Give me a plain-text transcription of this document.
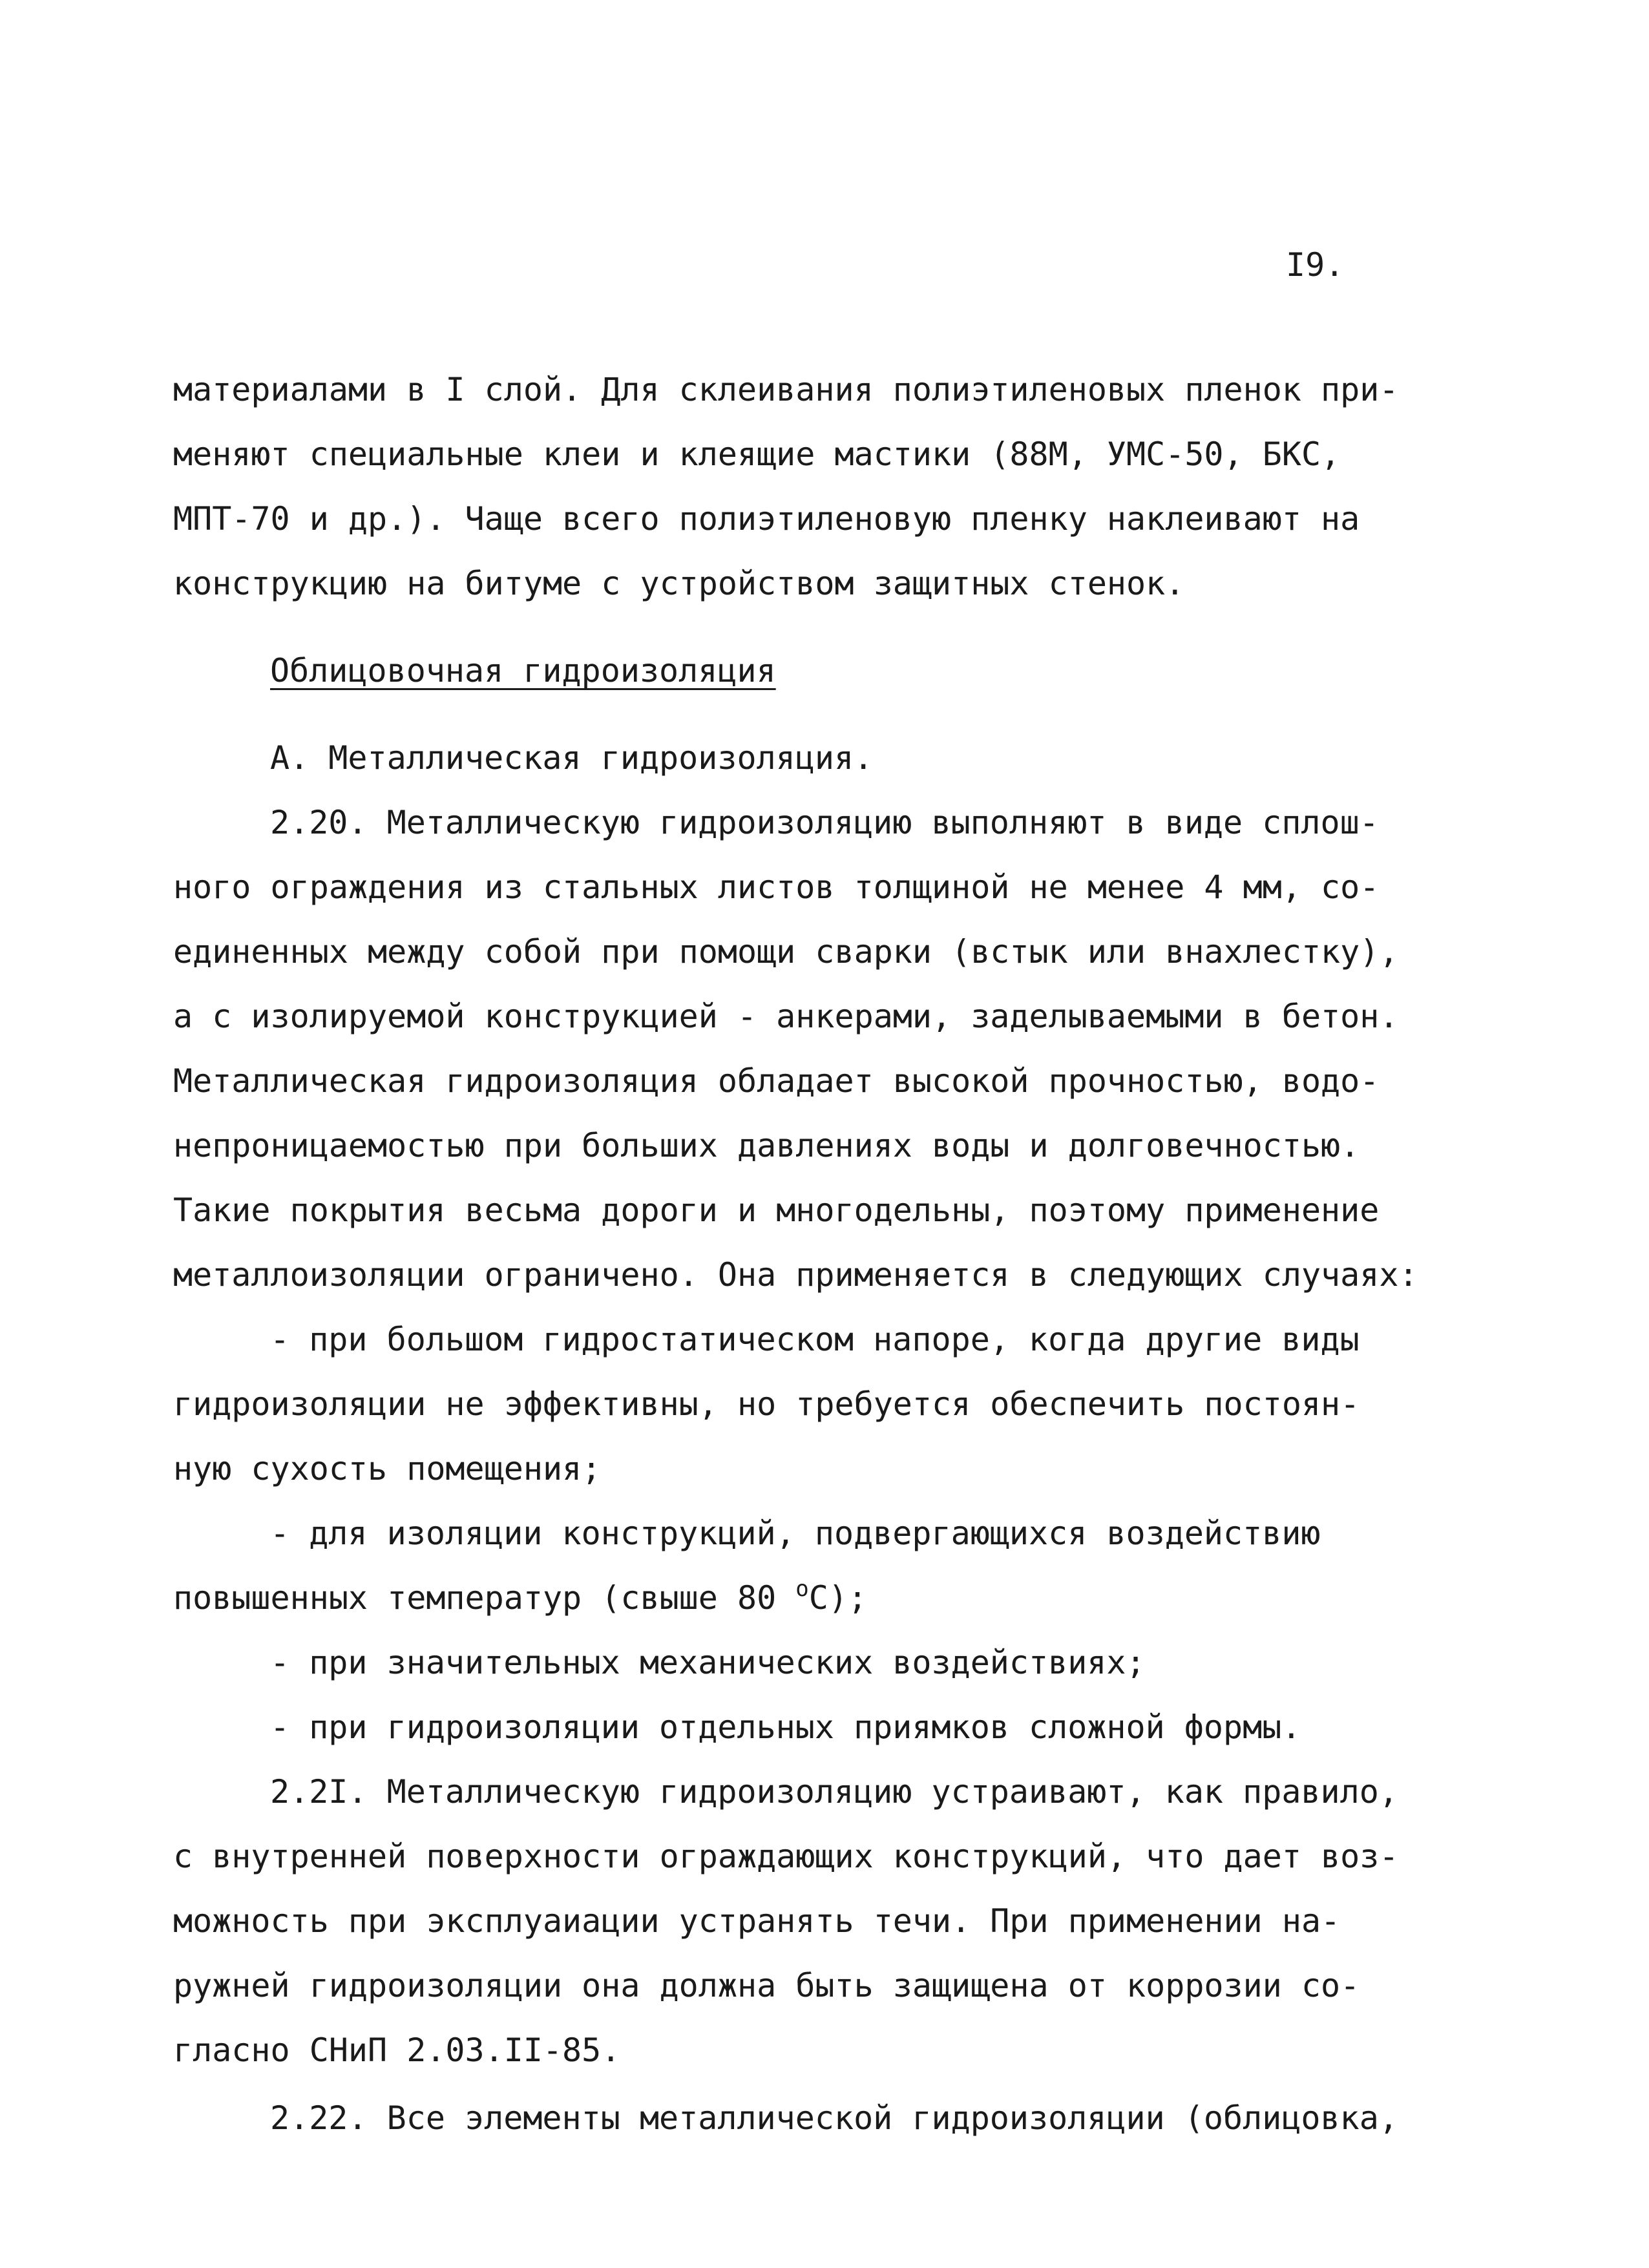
I9.
материалами в I слой. Для склеивания полиэтиленовых пленок при-
меняют специальные клеи и клеящие мастики (88М, УМС-50, БКС,
МПТ-70 и др.). Чаще всего полиэтиленовую пленку наклеивают на
конструкцию на битуме с устройством защитных стенок.
Облицовочная гидроизоляция
А. Металлическая гидроизоляция.
2.20. Металлическую гидроизоляцию выполняют в виде сплош-
ного ограждения из стальных листов толщиной не менее 4 мм, со-
единенных между собой при помощи сварки (встык или внахлестку),
а с изолируемой конструкцией - анкерами, заделываемыми в бетон.
Металлическая гидроизоляция обладает высокой прочностью, водо-
непроницаемостью при больших давлениях воды и долговечностью.
Такие покрытия весьма дороги и многодельны, поэтому применение
металлоизоляции ограничено. Она применяется в следующих случаях:
- при большом гидростатическом напоре, когда другие виды
гидроизоляции не эффективны, но требуется обеспечить постоян-
ную сухость помещения;
- для изоляции конструкций, подвергающихся воздействию
повышенных температур (свыше 80 $^о$С);
- при значительных механических воздействиях;
- при гидроизоляции отдельных приямков сложной формы.
2.2I. Металлическую гидроизоляцию устраивают, как правило,
с внутренней поверхности ограждающих конструкций, что дает воз-
можность при эксплуаиации устранять течи. При применении на-
ружней гидроизоляции она должна быть защищена от коррозии со-
гласно СНиП 2.03.II-85.
2.22. Все элементы металлической гидроизоляции (облицовка,
